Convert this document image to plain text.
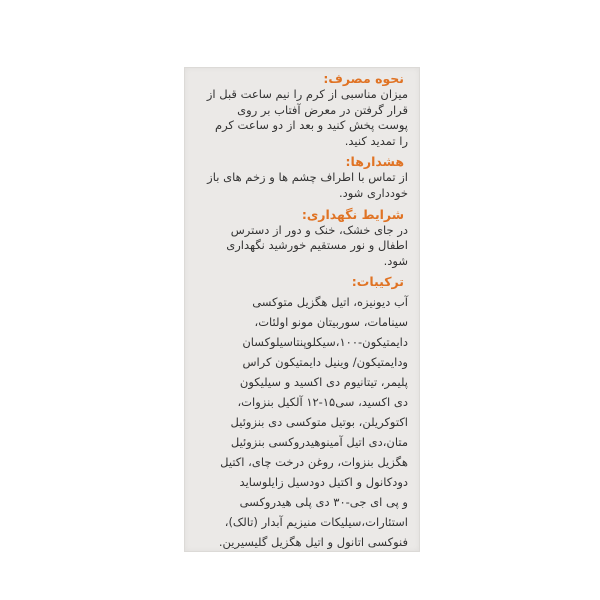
نحوه مصرف:
میزان مناسبی از کرم را نیم ساعت قبل از قرار گرفتن در معرض آفتاب بر روی پوست پخش کنید و بعد از دو ساعت کرم را تمدید کنید.
هشدارها:
از تماس با اطراف چشم ها و زخم های باز خودداری شود.
شرایط نگهداری:
در جای خشک، خنک و دور از دسترس اطفال و نور مستقیم خورشید نگهداری شود.
ترکیبات:
آب دیونیزه، اتیل هگزیل متوکسی
سینامات، سوربیتان مونو اولئات،
دایمتیکون-۱۰۰،سیکلوپنتاسیلوکسان
ودایمتیکون/ وینیل دایمتیکون کراس
پلیمر، تیتانیوم دی اکسید و سیلیکون
دی اکسید، سی۱۵-۱۲ آلکیل بنزوات،
اکتوکریلن، بوتیل متوکسی دی بنزوئیل
متان،دی اتیل آمینوهیدروکسی بنزوئیل
هگزیل بنزوات، روغن درخت چای، اکتیل
دودکانول و اکتیل دودسیل زایلوساید
و پی ای جی-۳۰ دی پلی هیدروکسی
استئارات،سیلیکات منیزیم آبدار (تالک)،
فنوکسی اتانول و اتیل هگزیل گلیسیرین.
